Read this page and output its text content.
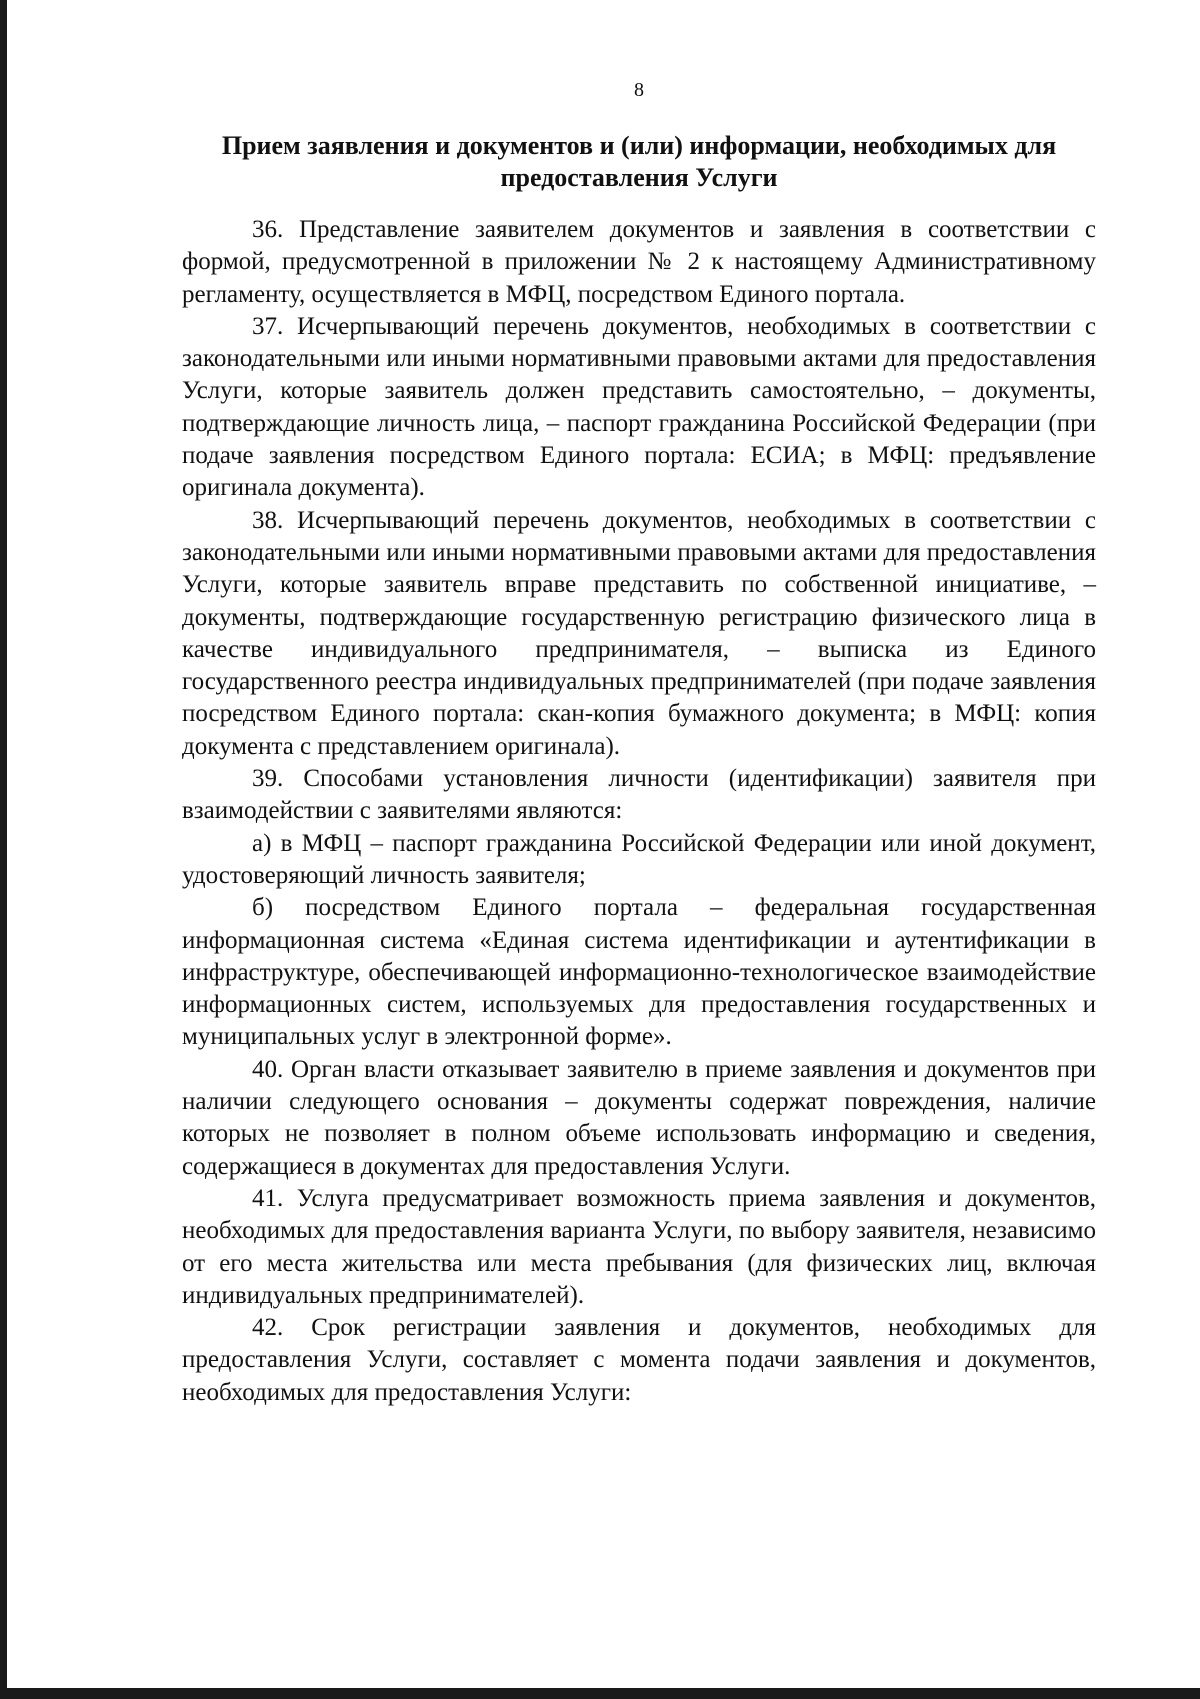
8
Прием заявления и документов и (или) информации, необходимых для предоставления Услуги

36. Представление заявителем документов и заявления в соответствии с формой, предусмотренной в приложении № 2 к настоящему Административному регламенту, осуществляется в МФЦ, посредством Единого портала.

37. Исчерпывающий перечень документов, необходимых в соответствии с законодательными или иными нормативными правовыми актами для предоставления Услуги, которые заявитель должен представить самостоятельно, – документы, подтверждающие личность лица, – паспорт гражданина Российской Федерации (при подаче заявления посредством Единого портала: ЕСИА; в МФЦ: предъявление оригинала документа).

38. Исчерпывающий перечень документов, необходимых в соответствии с законодательными или иными нормативными правовыми актами для предоставления Услуги, которые заявитель вправе представить по собственной инициативе, – документы, подтверждающие государственную регистрацию физического лица в качестве индивидуального предпринимателя, – выписка из Единого государственного реестра индивидуальных предпринимателей (при подаче заявления посредством Единого портала: скан-копия бумажного документа; в МФЦ: копия документа с представлением оригинала).

39. Способами установления личности (идентификации) заявителя при взаимодействии с заявителями являются:

а) в МФЦ – паспорт гражданина Российской Федерации или иной документ, удостоверяющий личность заявителя;

б) посредством Единого портала – федеральная государственная информационная система «Единая система идентификации и аутентификации в инфраструктуре, обеспечивающей информационно-технологическое взаимодействие информационных систем, используемых для предоставления государственных и муниципальных услуг в электронной форме».

40. Орган власти отказывает заявителю в приеме заявления и документов при наличии следующего основания – документы содержат повреждения, наличие которых не позволяет в полном объеме использовать информацию и сведения, содержащиеся в документах для предоставления Услуги.

41. Услуга предусматривает возможность приема заявления и документов, необходимых для предоставления варианта Услуги, по выбору заявителя, независимо от его места жительства или места пребывания (для физических лиц, включая индивидуальных предпринимателей).

42. Срок регистрации заявления и документов, необходимых для предоставления Услуги, составляет с момента подачи заявления и документов, необходимых для предоставления Услуги:
